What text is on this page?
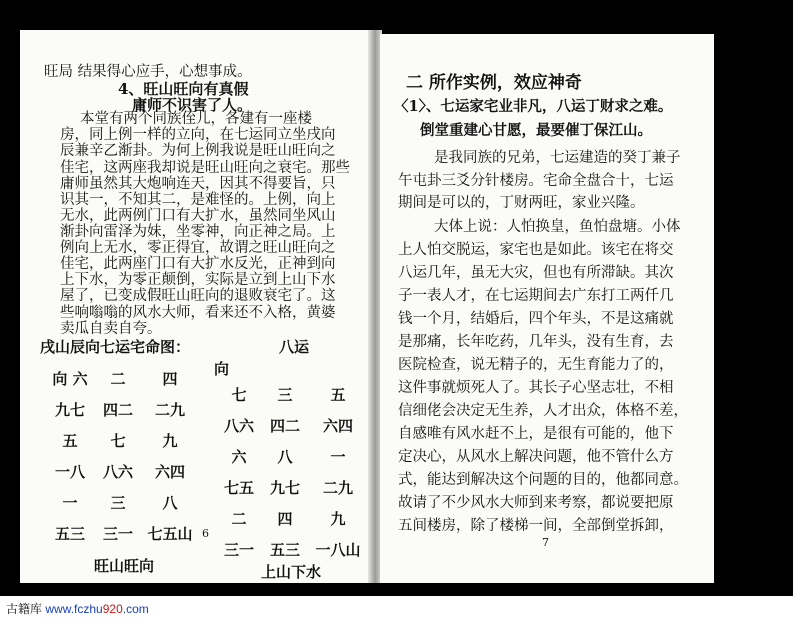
旺局 结果得心应手，心想事成。
4、旺山旺向有真假
庸师不识害了人。
本堂有两个同族侄儿，各建有一座楼
房，同上例一样的立向，在七运同立坐戌向
辰兼辛乙渐卦。为何上例我说是旺山旺向之
佳宅，这两座我却说是旺山旺向之衰宅。那些
庸师虽然其大炮响连天，因其不得要旨，只
识其一，不知其二，是难怪的。上例，向上
无水，此两例门口有大扩水，虽然同坐风山
渐卦向雷泽为妹，坐零神，向正神之局。上
例向上无水，零正得宜，故谓之旺山旺向之
佳宅，此两座门口有大扩水反光，正神到向
上下水，为零正颠倒，实际是立到上山下水
屋了，已变成假旺山旺向的退败衰宅了。这
些响嗡嗡的风水大师，看来还不入格，黄婆
卖瓜自卖自夸。
戌山辰向七运宅命图：	八运
向
向 六	二	四
九七	四二	二九
五	七	九
一八	八六	六四
一	三	八
五三	三一 七五山
旺山旺向
七	三	五
八六	四二	六四
六	八	一
七五	九七	二九
二	四	九
三一	五三	一八山
上山下水
6
二 所作实例，效应神奇
〈1〉、七运家宅业非凡，八运丁财求之难。
倒堂重建心甘愿，最要催丁保江山。
是我同族的兄弟，七运建造的癸丁兼子
午屯卦三爻分针楼房。宅命全盘合十，七运
期间是可以的，丁财两旺，家业兴隆。
大体上说：人怕换皇，鱼怕盘塘。小体
上人怕交脱运，家宅也是如此。该宅在将交
八运几年，虽无大灾，但也有所滞缺。其次
子一表人才，在七运期间去广东打工两仟几
钱一个月，结婚后，四个年头，不是这痛就
是那痛，长年吃药，几年头，没有生育，去
医院检查，说无精子的，无生育能力了的，
这件事就烦死人了。其长子心坚志壮，不相
信细佬会决定无生养，人才出众，体格不差，
自感唯有风水赶不上，是很有可能的，他下
定决心，从风水上解决问题，他不管什么方
式，能达到解决这个问题的目的，他都同意。
故请了不少风水大师到来考察，都说要把原
五间楼房，除了楼梯一间，全部倒堂拆卸，
7
古籍库 www.fczhu920.com
